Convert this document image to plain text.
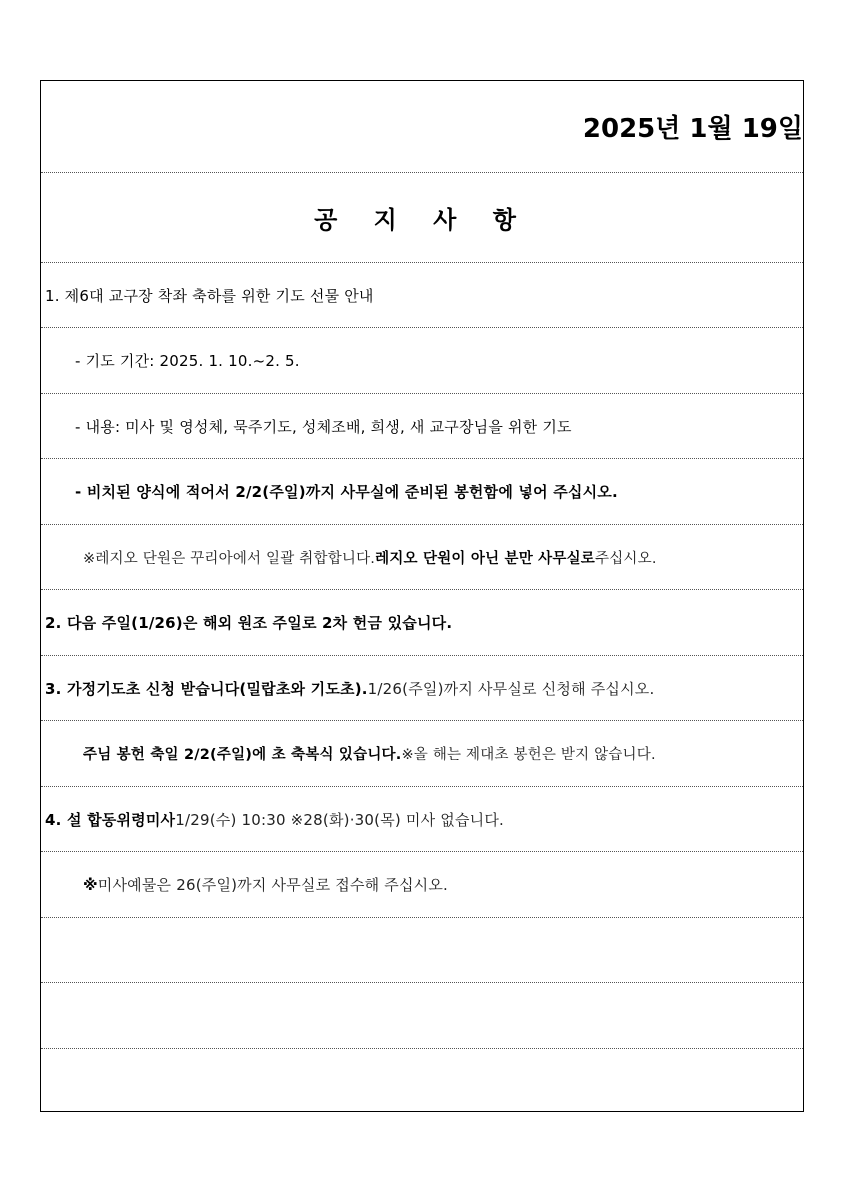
2025년 1월 19일
공 지 사 항
1. 제6대 교구장 착좌 축하를 위한 기도 선물 안내
- 기도 기간: 2025. 1. 10.~2. 5.
- 내용: 미사 및 영성체, 묵주기도, 성체조배, 희생, 새 교구장님을 위한 기도
- 비치된 양식에 적어서 2/2(주일)까지 사무실에 준비된 봉헌함에 넣어 주십시오.
※레지오 단원은 꾸리아에서 일괄 취합합니다. 레지오 단원이 아닌 분만 사무실로 주십시오.
2. 다음 주일(1/26)은 해외 원조 주일로 2차 헌금 있습니다.
3. 가정기도초 신청 받습니다(밀랍초와 기도초). 1/26(주일)까지 사무실로 신청해 주십시오.
주님 봉헌 축일 2/2(주일)에 초 축복식 있습니다. ※올 해는 제대초 봉헌은 받지 않습니다.
4. 설 합동위령미사 1/29(수) 10:30 ※28(화)·30(목) 미사 없습니다.
※ 미사예물은 26(주일)까지 사무실로 접수해 주십시오.
